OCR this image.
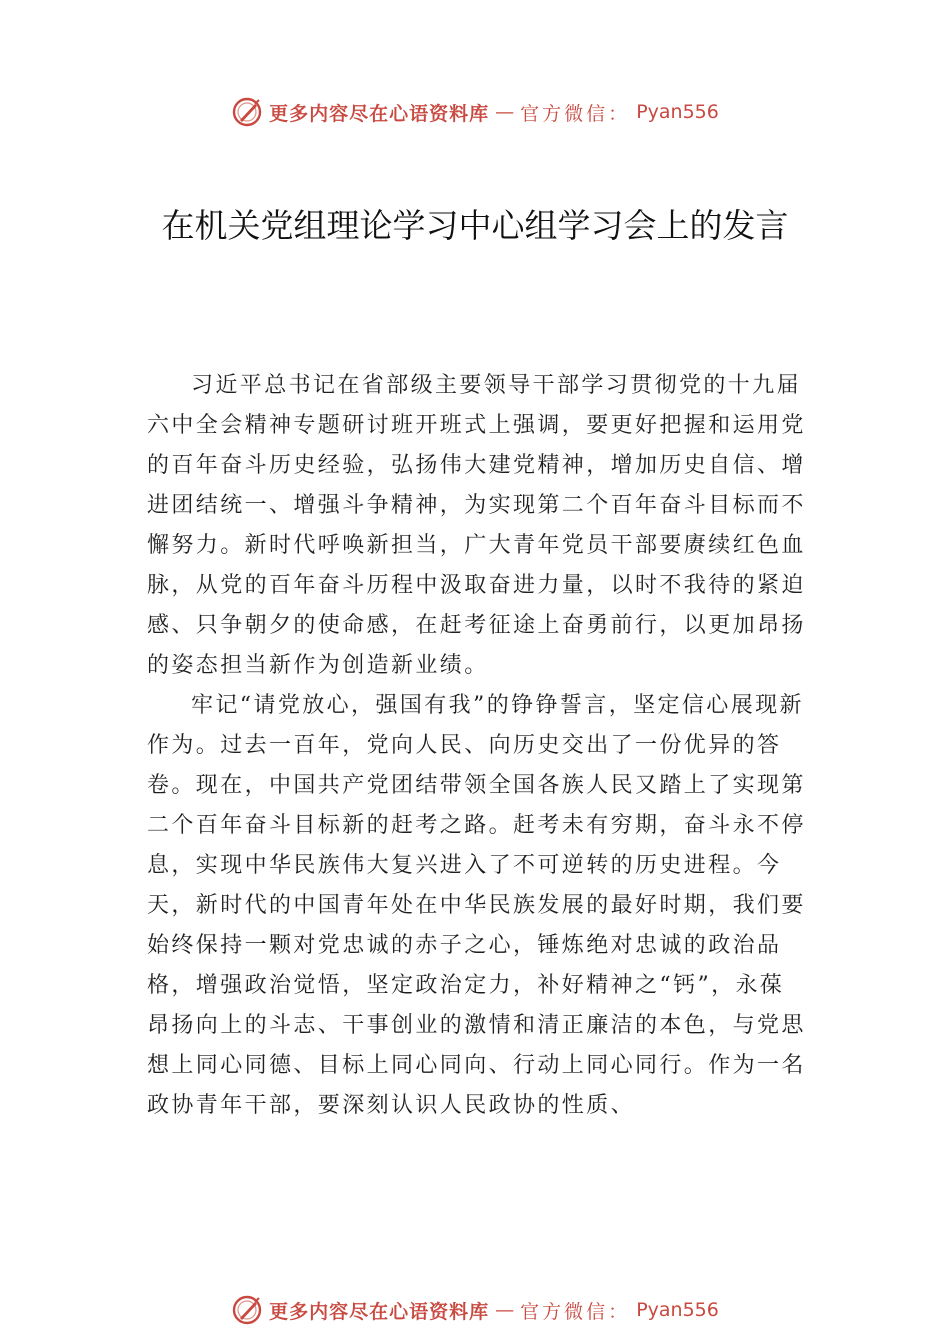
更多内容尽在心语资料库 — 官方微信： Pyan556
在机关党组理论学习中心组学习会上的发言

习近平总书记在省部级主要领导干部学习贯彻党的十九届六中全会精神专题研讨班开班式上强调，要更好把握和运用党的百年奋斗历史经验，弘扬伟大建党精神，增加历史自信、增进团结统一、增强斗争精神，为实现第二个百年奋斗目标而不懈努力。新时代呼唤新担当，广大青年党员干部要赓续红色血脉，从党的百年奋斗历程中汲取奋进力量，以时不我待的紧迫感、只争朝夕的使命感，在赶考征途上奋勇前行，以更加昂扬的姿态担当新作为创造新业绩。

牢记“请党放心，强国有我”的铮铮誓言，坚定信心展现新作为。过去一百年，党向人民、向历史交出了一份优异的答卷。现在，中国共产党团结带领全国各族人民又踏上了实现第二个百年奋斗目标新的赶考之路。赶考未有穷期，奋斗永不停息，实现中华民族伟大复兴进入了不可逆转的历史进程。今天，新时代的中国青年处在中华民族发展的最好时期，我们要始终保持一颗对党忠诚的赤子之心，锤炼绝对忠诚的政治品格，增强政治觉悟，坚定政治定力，补好精神之“钙”，永葆昂扬向上的斗志、干事创业的激情和清正廉洁的本色，与党思想上同心同德、目标上同心同向、行动上同心同行。作为一名政协青年干部，要深刻认识人民政协的性质、

更多内容尽在心语资料库 — 官方微信： Pyan556
